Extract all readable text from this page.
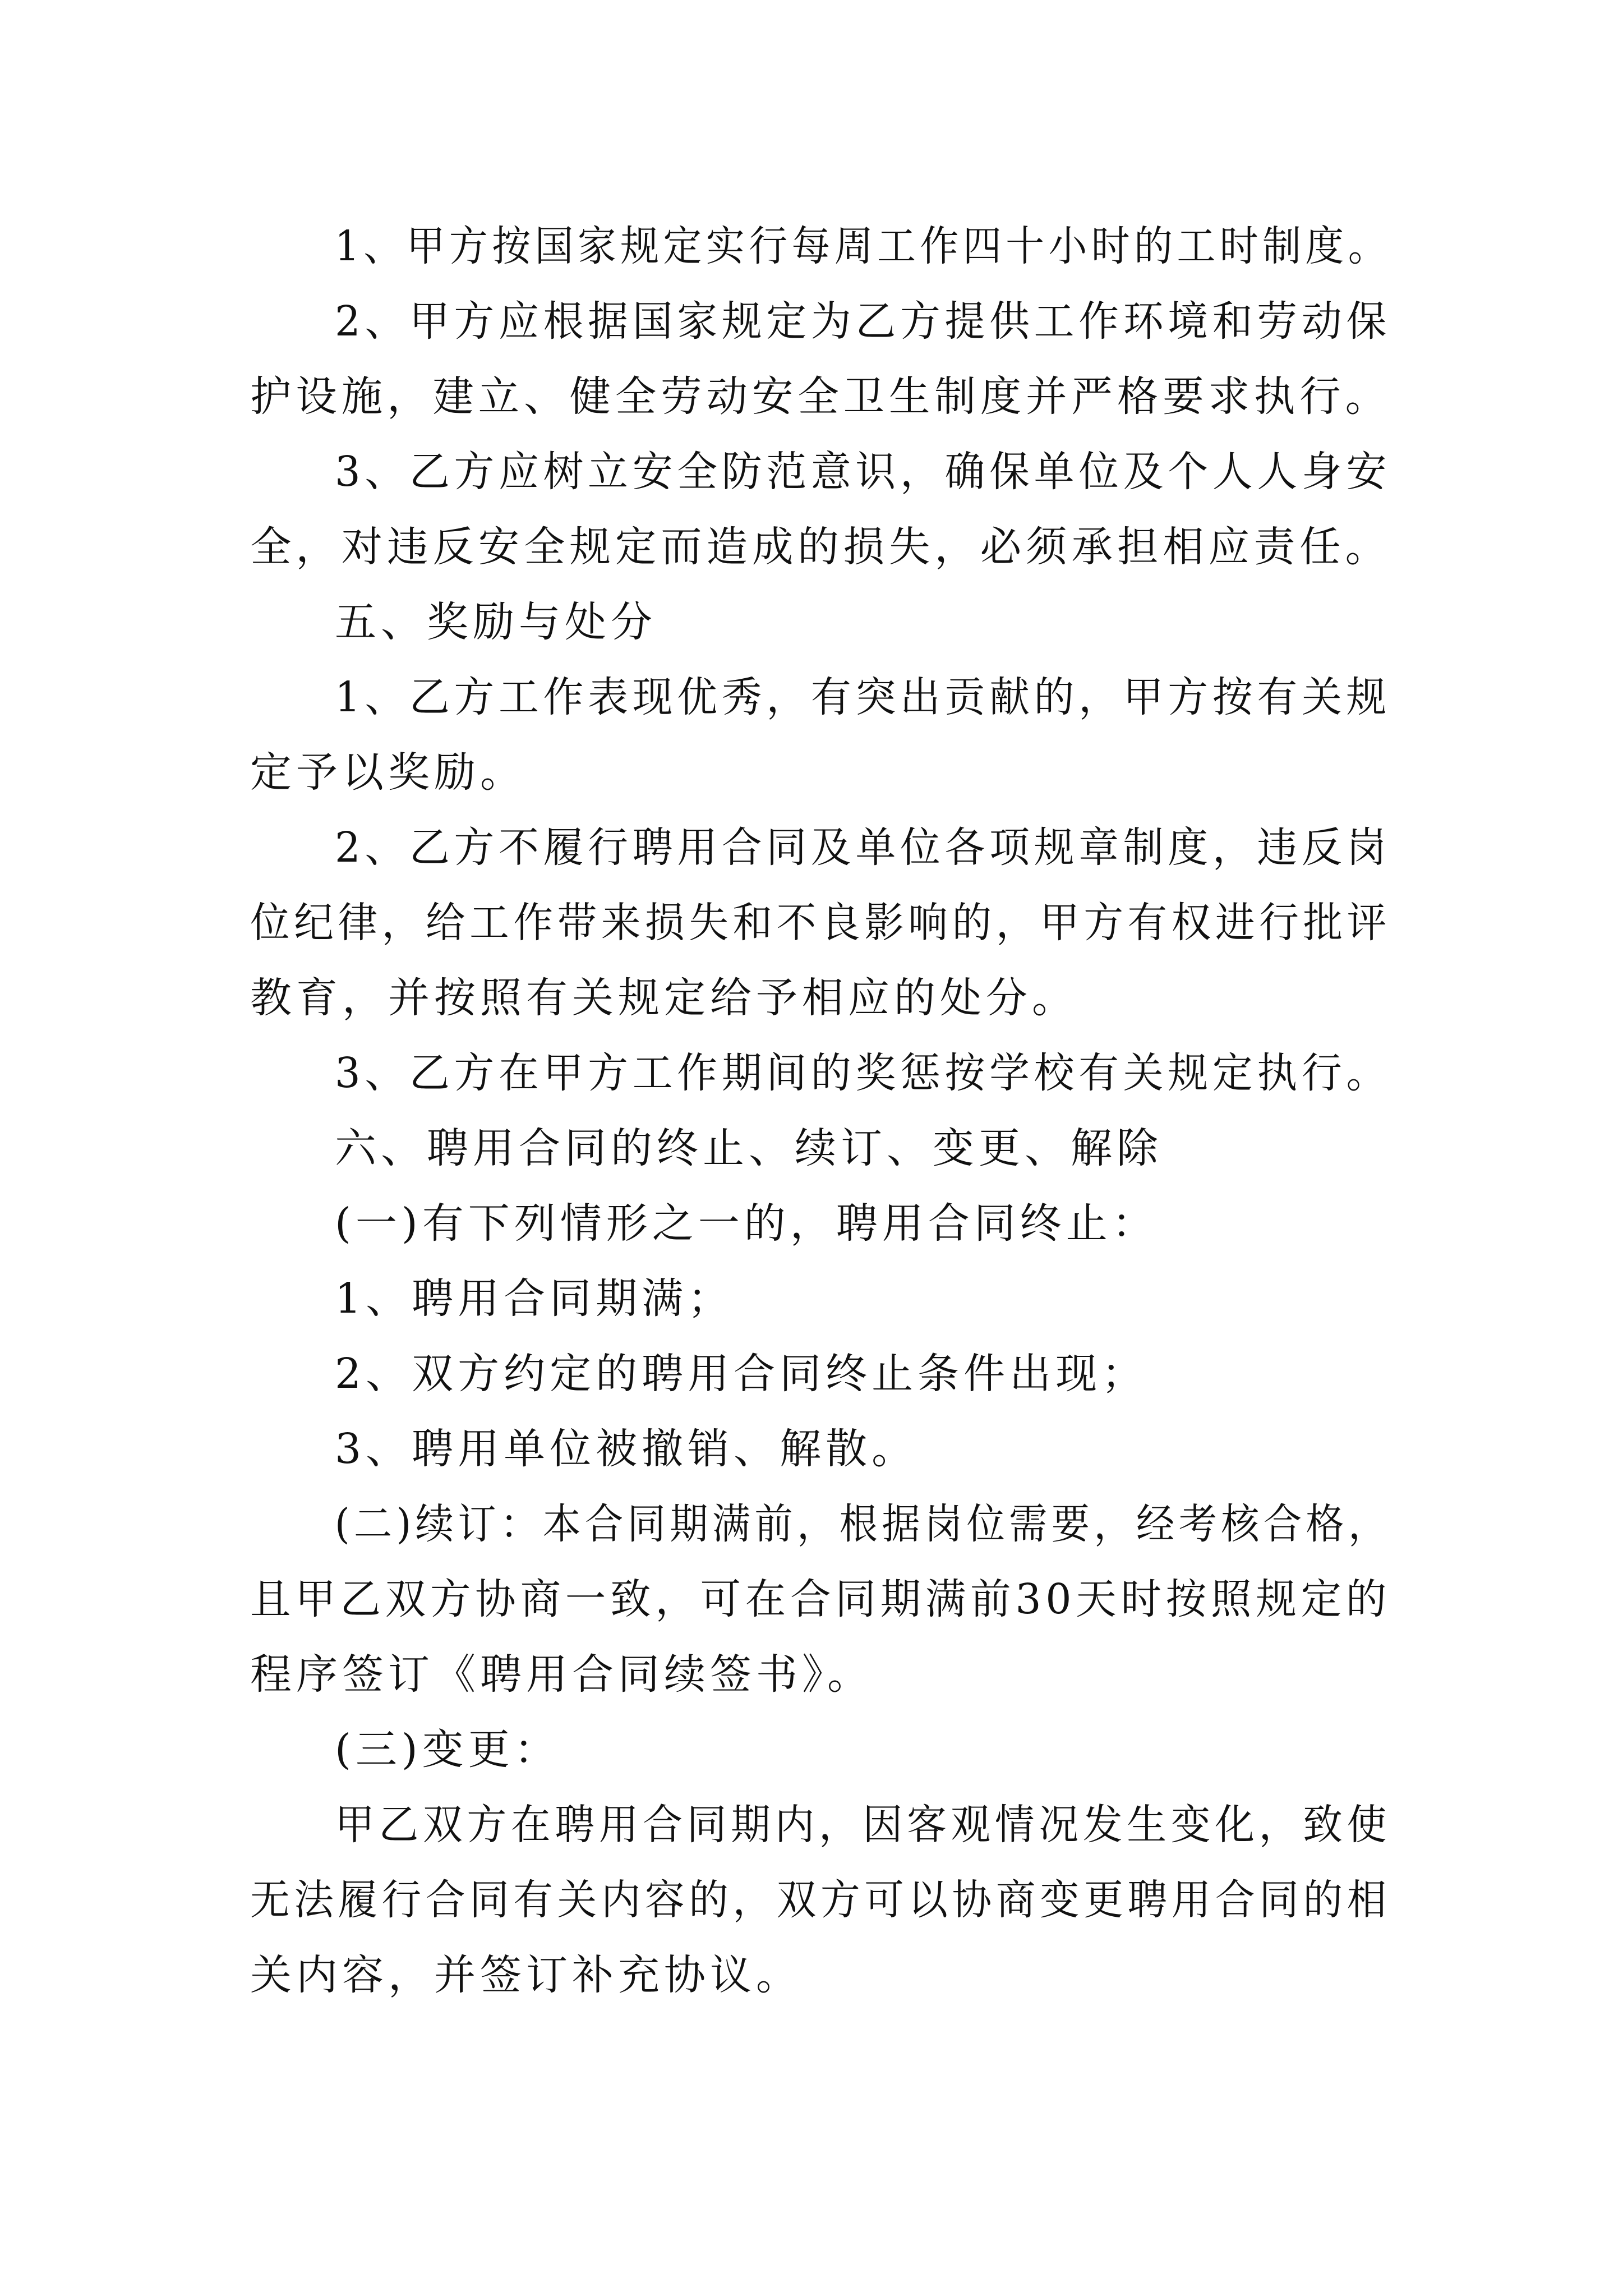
1、甲方按国家规定实行每周工作四十小时的工时制度。
2、甲方应根据国家规定为乙方提供工作环境和劳动保
护设施，建立、健全劳动安全卫生制度并严格要求执行。
3、乙方应树立安全防范意识，确保单位及个人人身安
全，对违反安全规定而造成的损失，必须承担相应责任。
五、奖励与处分
1、乙方工作表现优秀，有突出贡献的，甲方按有关规
定予以奖励。
2、乙方不履行聘用合同及单位各项规章制度，违反岗
位纪律，给工作带来损失和不良影响的，甲方有权进行批评
教育，并按照有关规定给予相应的处分。
3、乙方在甲方工作期间的奖惩按学校有关规定执行。
六、聘用合同的终止、续订、变更、解除
(一)有下列情形之一的，聘用合同终止：
1、聘用合同期满；
2、双方约定的聘用合同终止条件出现；
3、聘用单位被撤销、解散。
(二)续订：本合同期满前，根据岗位需要，经考核合格，
且甲乙双方协商一致，可在合同期满前30天时按照规定的
程序签订《聘用合同续签书》。
(三)变更：
甲乙双方在聘用合同期内，因客观情况发生变化，致使
无法履行合同有关内容的，双方可以协商变更聘用合同的相
关内容，并签订补充协议。
